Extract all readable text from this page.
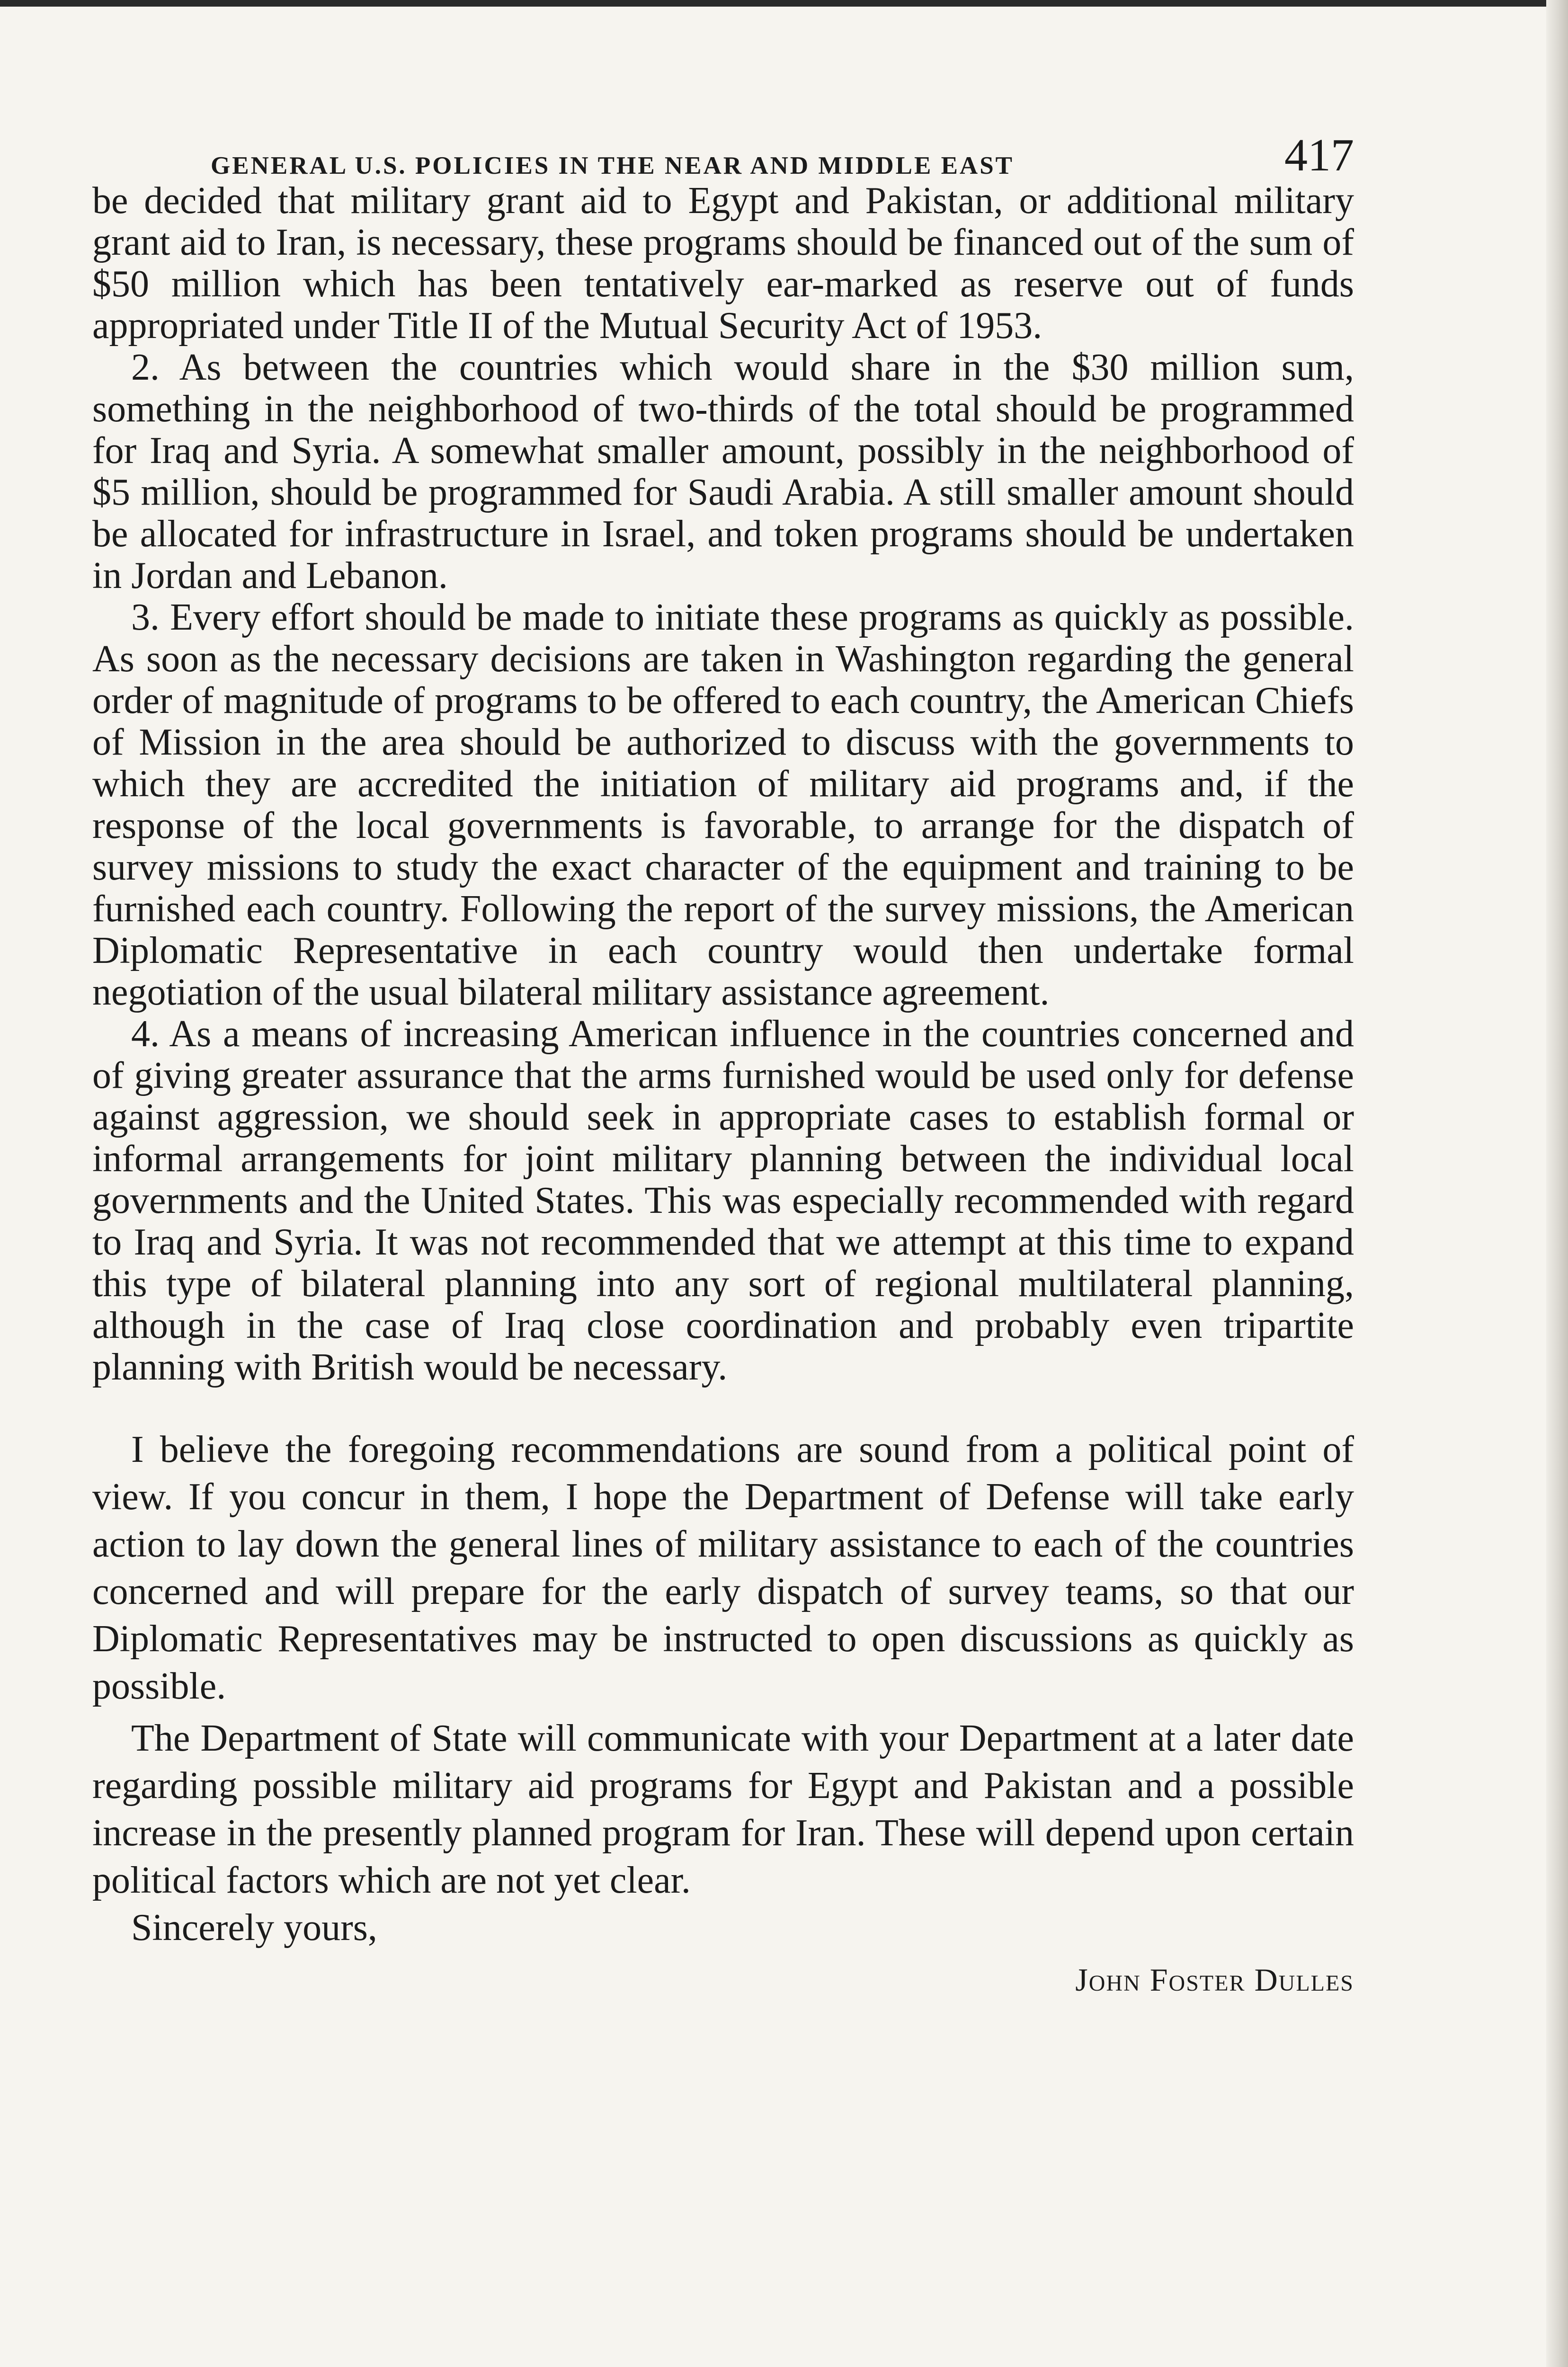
GENERAL U.S. POLICIES IN THE NEAR AND MIDDLE EAST	417

be decided that military grant aid to Egypt and Pakistan, or additional military grant aid to Iran, is necessary, these programs should be financed out of the sum of $50 million which has been tentatively ear-marked as reserve out of funds appropriated under Title II of the Mutual Security Act of 1953.

2. As between the countries which would share in the $30 million sum, something in the neighborhood of two-thirds of the total should be programmed for Iraq and Syria. A somewhat smaller amount, possibly in the neighborhood of $5 million, should be programmed for Saudi Arabia. A still smaller amount should be allocated for infrastructure in Israel, and token programs should be undertaken in Jordan and Lebanon.

3. Every effort should be made to initiate these programs as quickly as possible. As soon as the necessary decisions are taken in Washington regarding the general order of magnitude of programs to be offered to each country, the American Chiefs of Mission in the area should be authorized to discuss with the governments to which they are accredited the initiation of military aid programs and, if the response of the local governments is favorable, to arrange for the dispatch of survey missions to study the exact character of the equipment and training to be furnished each country. Following the report of the survey missions, the American Diplomatic Representative in each country would then undertake formal negotiation of the usual bilateral military assistance agreement.

4. As a means of increasing American influence in the countries concerned and of giving greater assurance that the arms furnished would be used only for defense against aggression, we should seek in appropriate cases to establish formal or informal arrangements for joint military planning between the individual local governments and the United States. This was especially recommended with regard to Iraq and Syria. It was not recommended that we attempt at this time to expand this type of bilateral planning into any sort of regional multilateral planning, although in the case of Iraq close coordination and probably even tripartite planning with British would be necessary.

I believe the foregoing recommendations are sound from a political point of view. If you concur in them, I hope the Department of Defense will take early action to lay down the general lines of military assistance to each of the countries concerned and will prepare for the early dispatch of survey teams, so that our Diplomatic Representatives may be instructed to open discussions as quickly as possible.

The Department of State will communicate with your Department at a later date regarding possible military aid programs for Egypt and Pakistan and a possible increase in the presently planned program for Iran. These will depend upon certain political factors which are not yet clear.

Sincerely yours,

John Foster Dulles
